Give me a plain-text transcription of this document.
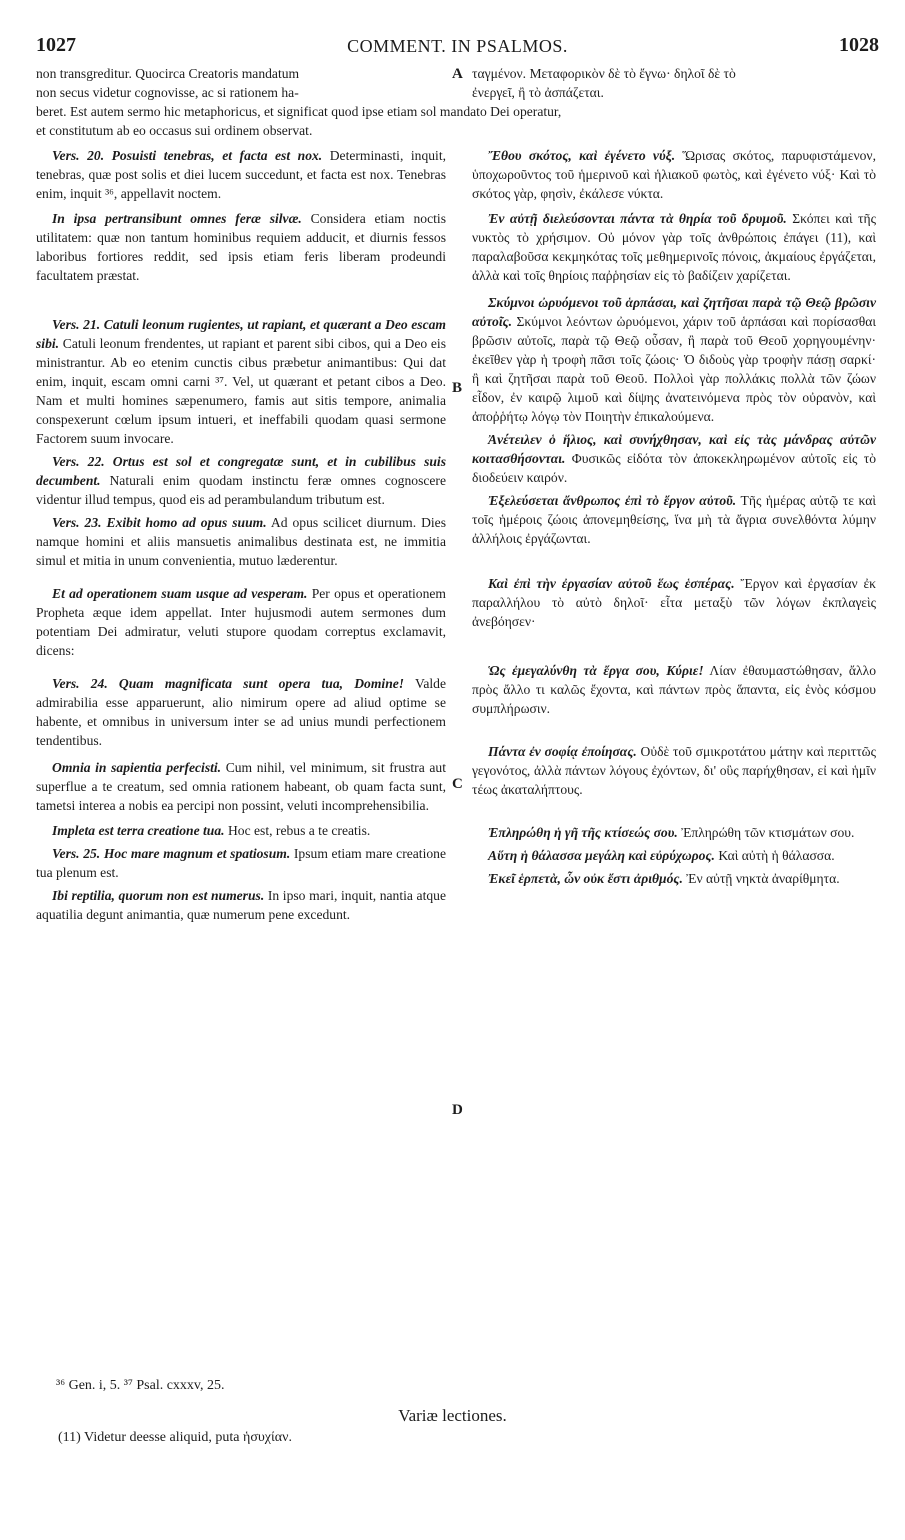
1027	COMMENT. IN PSALMOS.	1028
non transgreditur. Quocirca Creatoris mandatum
non secus videtur cognovisse, ac si rationem ha-
A ταγμένον. Μεταφορικὸν δὲ τὸ ἔγνω· δηλοῖ δὲ τὸ
ἐνεργεῖ, ἢ τὸ ἀσπάζεται.
beret. Est autem sermo hic metaphoricus, et significat quod ipse etiam sol mandato Dei operatur,
et constitutum ab eo occasus sui ordinem observat.

Vers. 20. Posuisti tenebras, et facta est nox. Determinasti, inquit, tenebras, quæ post solis et diei lucem succedunt, et facta est nox. Tenebras enim, inquit ³⁶, appellavit noctem.

In ipsa pertransibunt omnes feræ silvæ. Considera etiam noctis utilitatem: quæ non tantum hominibus requiem adducit, et diurnis fessos laboribus fortiores reddit, sed ipsis etiam feris liberam prodeundi facultatem præstat.

Vers. 21. Catuli leonum rugientes, ut rapiant, et quærant a Deo escam sibi. Catuli leonum frendentes, ut rapiant et parent sibi cibos, qui a Deo eis ministrantur. Ab eo etenim cunctis cibus præbetur animantibus: Qui dat enim, inquit, escam omni carni ³⁷. Vel, ut quærant et petant cibos a Deo. Nam et multi homines sæpenumero, famis aut sitis tempore, animalia conspexerunt cœlum ipsum intueri, et ineffabili quodam quasi sermone Factorem suum invocare.

Vers. 22. Ortus est sol et congregatæ sunt, et in cubilibus suis decumbent. Naturali enim quodam instinctu feræ omnes cognoscere videntur illud tempus, quod eis ad perambulandum tributum est.

Vers. 23. Exibit homo ad opus suum. Ad opus scilicet diurnum. Dies namque homini et aliis mansuetis animalibus destinata est, ne immitia simul et mitia in unum convenientia, mutuo læderentur.

Et ad operationem suam usque ad vesperam. Per opus et operationem Propheta æque idem appellat. Inter hujusmodi autem sermones dum potentiam Dei admiratur, veluti stupore quodam correptus exclamavit, dicens:

Vers. 24. Quam magnificata sunt opera tua, Domine! Valde admirabilia esse apparuerunt, alio nimirum opere ad aliud optime se habente, et omnibus in universum inter se ad unius mundi perfectionem tendentibus.

Omnia in sapientia perfecisti. Cum nihil, vel minimum, sit frustra aut superflue a te creatum, sed omnia rationem habeant, ob quam facta sunt, tametsi interea a nobis ea percipi non possint, veluti incomprehensibilia.

Impleta est terra creatione tua. Hoc est, rebus a te creatis.

Vers. 25. Hoc mare magnum et spatiosum. Ipsum etiam mare creatione tua plenum est.

Ibi reptilia, quorum non est numerus. In ipso mari, inquit, nantia atque aquatilia degunt animantia, quæ numerum pene excedunt.

B
C
D

Ἔθου σκότος, καὶ ἐγένετο νύξ. Ὥρισας σκότος, παρυφιστάμενον, ὑποχωροῦντος τοῦ ἡμερινοῦ καὶ ἡλιακοῦ φωτὸς, καὶ ἐγένετο νύξ· Καὶ τὸ σκότος γὰρ, φησὶν, ἐκάλεσε νύκτα.

Ἐν αὐτῇ διελεύσονται πάντα τὰ θηρία τοῦ δρυμοῦ. Σκόπει καὶ τῆς νυκτὸς τὸ χρήσιμον. Οὐ μόνον γὰρ τοῖς ἀνθρώποις ἐπάγει (11), καὶ παραλαβοῦσα κεκμηκότας τοῖς μεθημερινοῖς πόνοις, ἀκμαίους ἐργάζεται, ἀλλὰ καὶ τοῖς θηρίοις παῤῥησίαν εἰς τὸ βαδίζειν χαρίζεται.

Σκύμνοι ὠρυόμενοι τοῦ ἁρπάσαι, καὶ ζητῆσαι παρὰ τῷ Θεῷ βρῶσιν αὐτοῖς. Σκύμνοι λεόντων ὠρυόμενοι, χάριν τοῦ ἁρπάσαι καὶ πορίσασθαι βρῶσιν αὐτοῖς, παρὰ τῷ Θεῷ οὖσαν, ἢ παρὰ τοῦ Θεοῦ χορηγουμένην· ἐκεῖθεν γὰρ ἡ τροφὴ πᾶσι τοῖς ζώοις· Ὁ διδοὺς γὰρ τροφὴν πάσῃ σαρκί· ἢ καὶ ζητῆσαι παρὰ τοῦ Θεοῦ. Πολλοὶ γὰρ πολλάκις πολλὰ τῶν ζώων εἶδον, ἐν καιρῷ λιμοῦ καὶ δίψης ἀνατεινόμενα πρὸς τὸν οὐρανὸν, καὶ ἀποῤῥήτῳ λόγῳ τὸν Ποιητὴν ἐπικαλούμενα.

Ἀνέτειλεν ὁ ἥλιος, καὶ συνήχθησαν, καὶ εἰς τὰς μάνδρας αὐτῶν κοιτασθήσονται. Φυσικῶς εἰδότα τὸν ἀποκεκληρωμένον αὐτοῖς εἰς τὸ διοδεύειν καιρόν.

Ἐξελεύσεται ἄνθρωπος ἐπὶ τὸ ἔργον αὐτοῦ. Τῆς ἡμέρας αὐτῷ τε καὶ τοῖς ἡμέροις ζώοις ἀπονεμηθείσης, ἵνα μὴ τὰ ἄγρια συνελθόντα λύμην ἀλλήλοις ἐργάζωνται.

Καὶ ἐπὶ τὴν ἐργασίαν αὐτοῦ ἕως ἑσπέρας. Ἔργον καὶ ἐργασίαν ἐκ παραλλήλου τὸ αὐτὸ δηλοῖ· εἶτα μεταξὺ τῶν λόγων ἐκπλαγεὶς ἀνεβόησεν·

Ὡς ἐμεγαλύνθη τὰ ἔργα σου, Κύριε! Λίαν ἐθαυμαστώθησαν, ἄλλο πρὸς ἄλλο τι καλῶς ἔχοντα, καὶ πάντων πρὸς ἅπαντα, εἰς ἑνὸς κόσμου συμπλήρωσιν.

Πάντα ἐν σοφίᾳ ἐποίησας. Οὐδὲ τοῦ σμικροτάτου μάτην καὶ περιττῶς γεγονότος, ἀλλὰ πάντων λόγους ἐχόντων, δι' οὓς παρήχθησαν, εἰ καὶ ἡμῖν τέως ἀκαταλήπτους.

Ἐπληρώθη ἡ γῆ τῆς κτίσεώς σου. Ἐπληρώθη τῶν κτισμάτων σου.

Αὕτη ἡ θάλασσα μεγάλη καὶ εὐρύχωρος. Καὶ αὐτὴ ἡ θάλασσα.

Ἐκεῖ ἑρπετὰ, ὧν οὐκ ἔστι ἀριθμός. Ἐν αὐτῇ νηκτὰ ἀναρίθμητα.

³⁶ Gen. i, 5. ³⁷ Psal. cxxxv, 25.
Variæ lectiones.
(11) Videtur deesse aliquid, puta ἡσυχίαν.
